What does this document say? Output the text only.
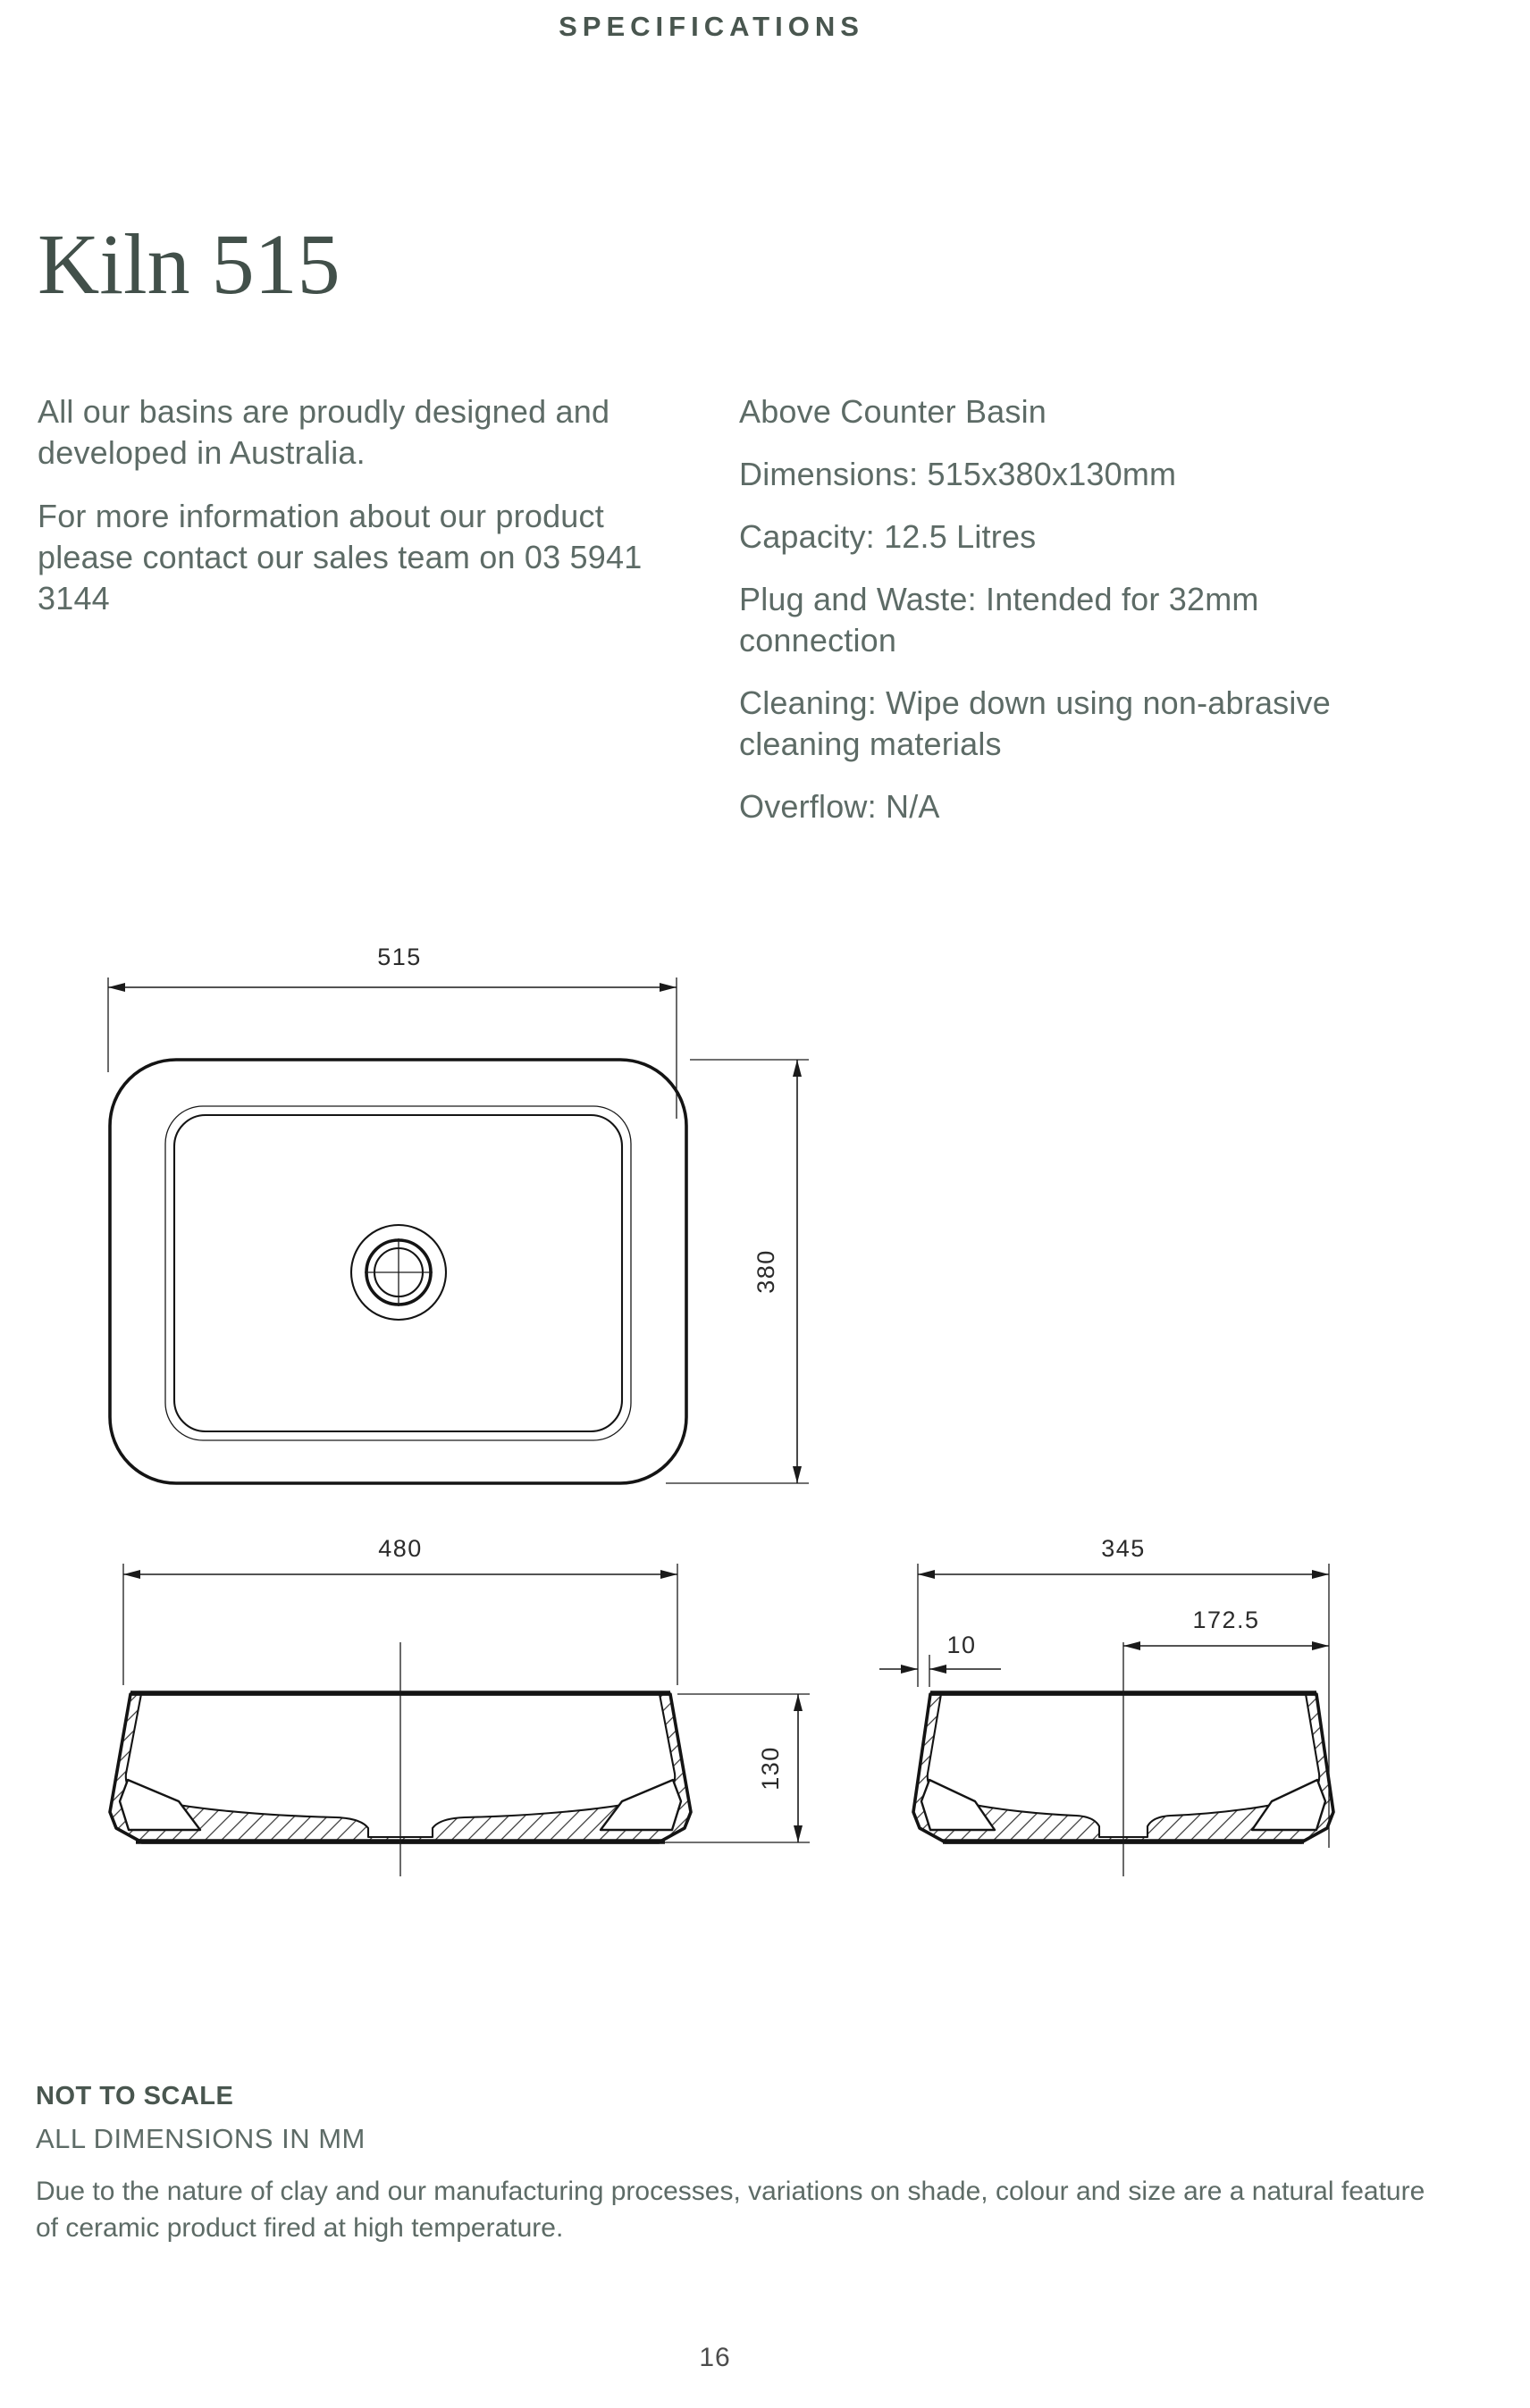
SPECIFICATIONS
Kiln 515

All our basins are proudly designed and developed in Australia.

For more information about our product please contact our sales team on 03 5941 3144

Above Counter Basin

Dimensions: 515x380x130mm

Capacity: 12.5 Litres

Plug and Waste: Intended for 32mm connection

Cleaning: Wipe down using non-abrasive cleaning materials

Overflow: N/A

515
380
480
130
345
172.5
10
NOT TO SCALE
ALL DIMENSIONS IN MM
Due to the nature of clay and our manufacturing processes, variations on shade, colour and size are a natural feature of ceramic product fired at high temperature.
16
